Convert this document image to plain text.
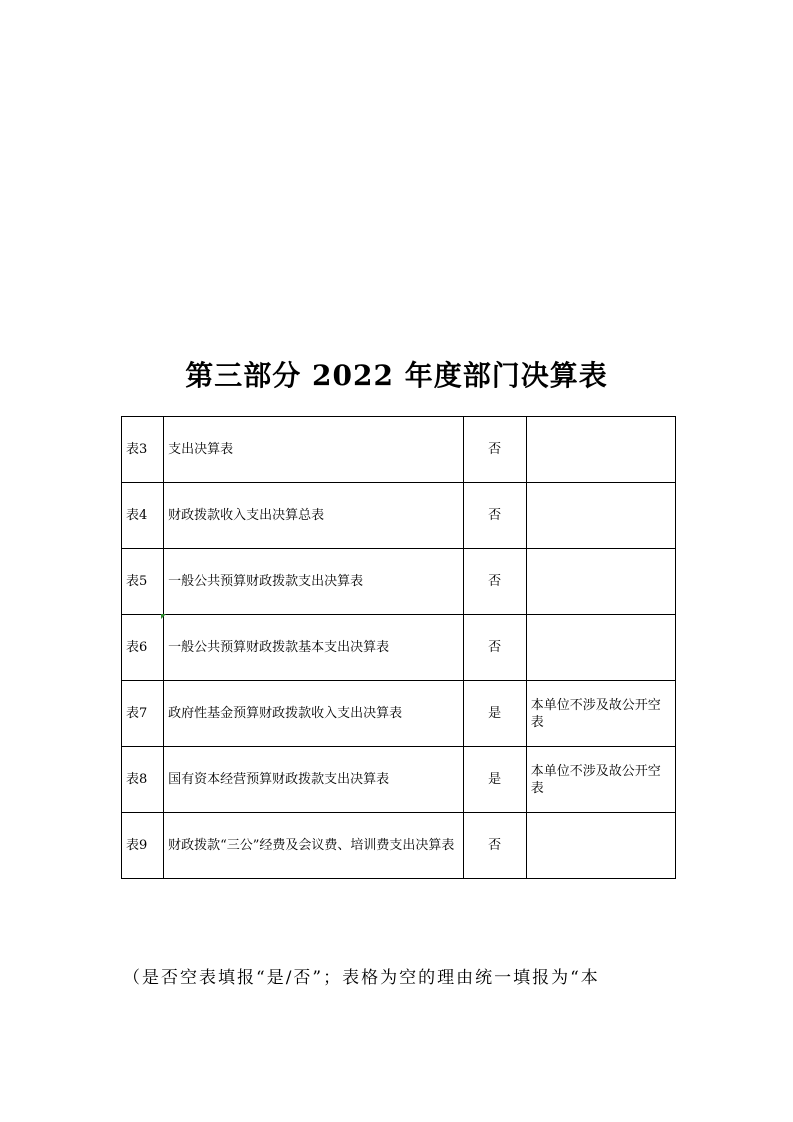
第三部分 2022 年度部门决算表
表3	支出决算表	否	
表4	财政拨款收入支出决算总表	否	
表5	一般公共预算财政拨款支出决算表	否	
表6	一般公共预算财政拨款基本支出决算表	否	
表7	政府性基金预算财政拨款收入支出决算表	是	本单位不涉及故公开空表
表8	国有资本经营预算财政拨款支出决算表	是	本单位不涉及故公开空表
表9	财政拨款“三公”经费及会议费、培训费支出决算表	否	
（是否空表填报“是/否”；表格为空的理由统一填报为“本
